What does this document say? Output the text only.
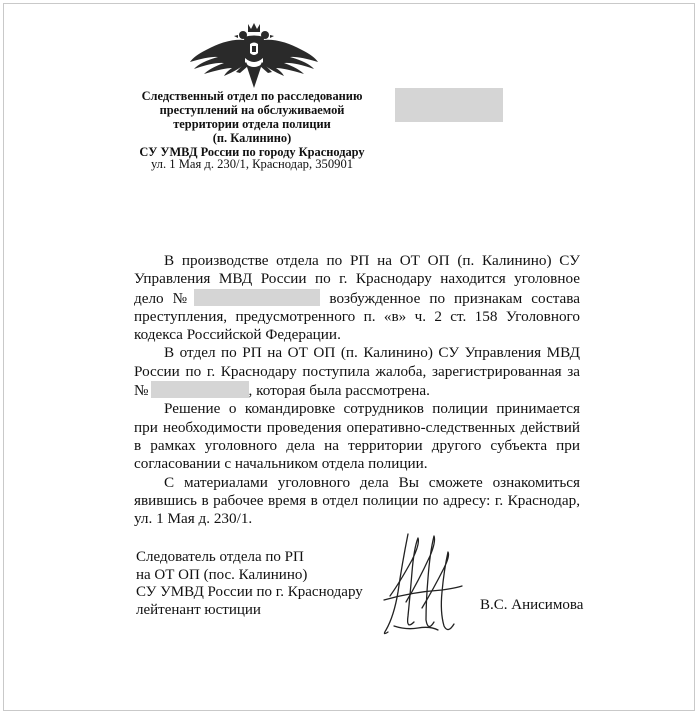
Следственный отдел по расследованию
преступлений на обслуживаемой
территории отдела полиции
(п. Калинино)
СУ УМВД России по городу Краснодару
ул. 1 Мая д. 230/1, Краснодар, 350901

В производстве отдела по РП на ОТ ОП (п. Калинино) СУ Управления МВД России по г. Краснодару находится уголовное дело №	возбужденное по признакам состава преступления, предусмотренного п. «в» ч. 2 ст. 158 Уголовного кодекса Российской Федерации.

В отдел по РП на ОТ ОП (п. Калинино) СУ Управления МВД России по г. Краснодару поступила жалоба, зарегистрированная за №	, которая была рассмотрена.

Решение о командировке сотрудников полиции принимается при необходимости проведения оперативно-следственных действий в рамках уголовного дела на территории другого субъекта при согласовании с начальником отдела полиции.

С материалами уголовного дела Вы сможете ознакомиться явившись в рабочее время в отдел полиции по адресу: г. Краснодар, ул. 1 Мая д. 230/1.

Следователь отдела по РП
на ОТ ОП (пос. Калинино)
СУ УМВД России по г. Краснодару
лейтенант юстиции	В.С. Анисимова
